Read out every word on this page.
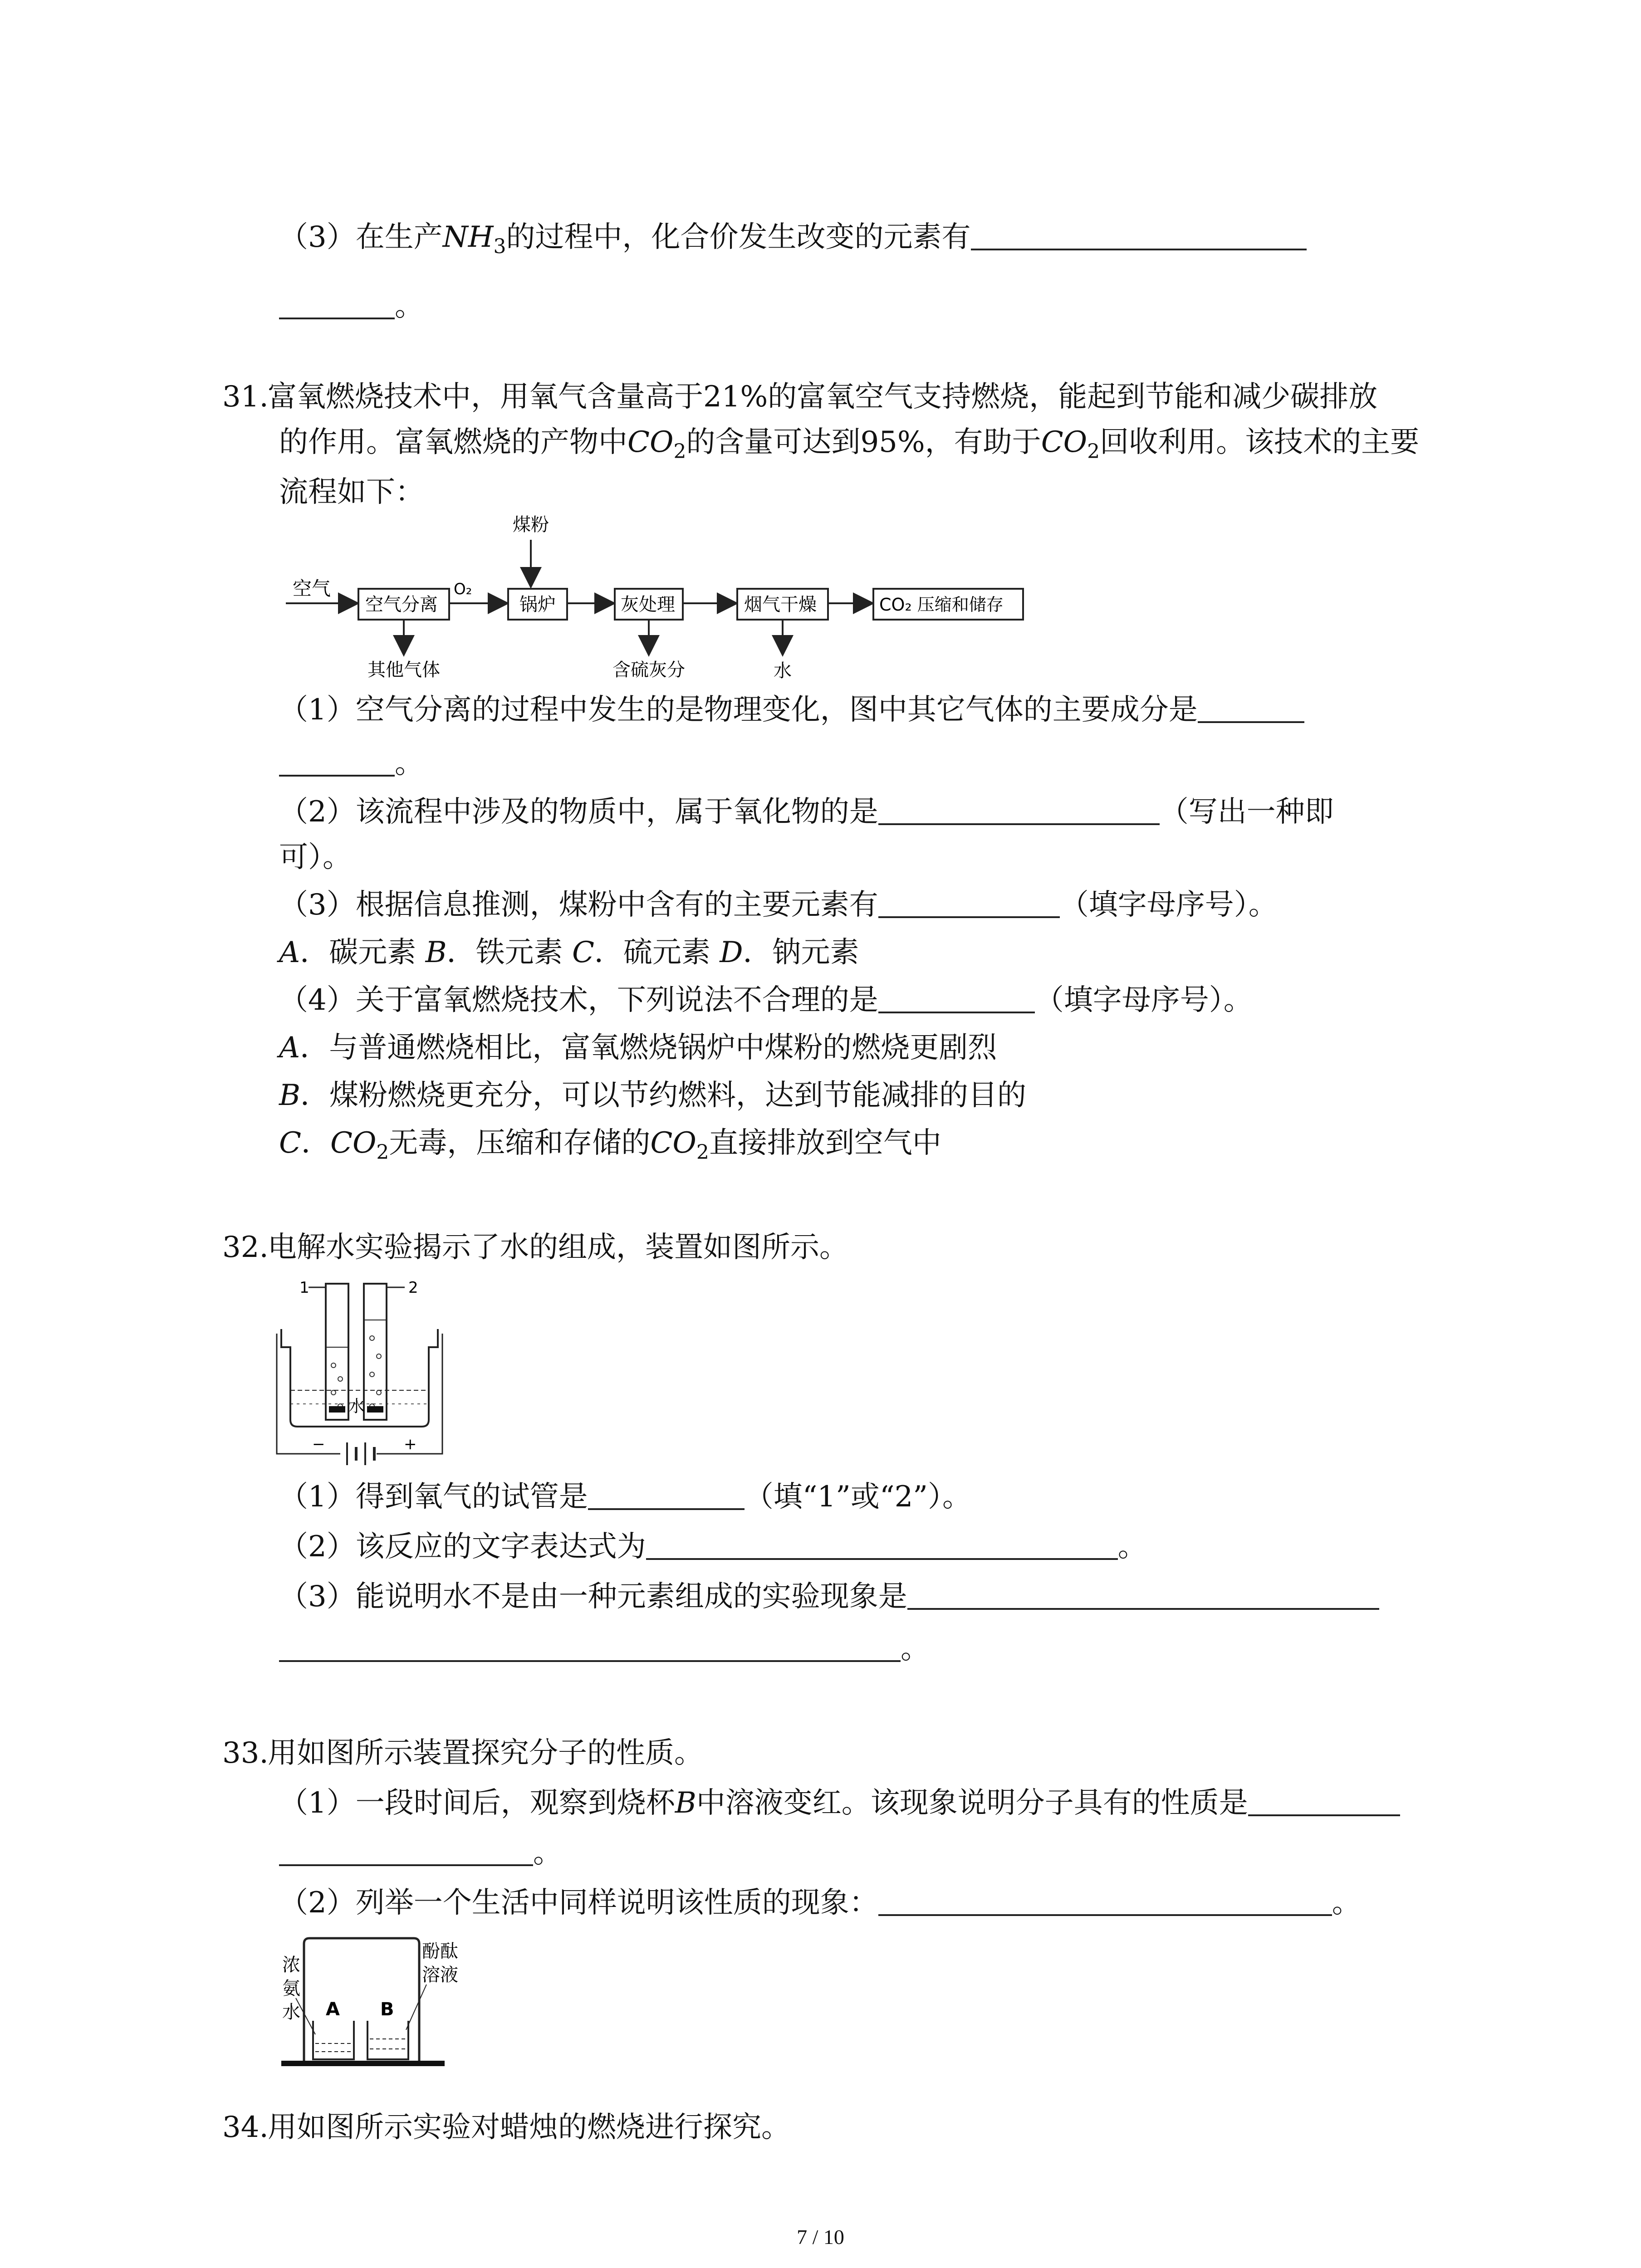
（3）在生产$NH_3$的过程中，化合价发生改变的元素有
。
31.富氧燃烧技术中，用氧气含量高于21%的富氧空气支持燃烧，能起到节能和减少碳排放
的作用。富氧燃烧的产物中$CO_2$的含量可达到95%，有助于$CO_2$回收利用。该技术的主要
流程如下：
空气
空气分离
O₂
其他气体
煤粉
锅炉	灰处理
含硫灰分
烟气干燥
水
CO₂ 压缩和储存
（1）空气分离的过程中发生的是物理变化，图中其它气体的主要成分是
。
（2）该流程中涉及的物质中，属于氧化物的是	（写出一种即
可）。
（3）根据信息推测，煤粉中含有的主要元素有	（填字母序号）。
A．碳元素 B．铁元素 C．硫元素 D．钠元素
（4）关于富氧燃烧技术，下列说法不合理的是	（填字母序号）。
A．与普通燃烧相比，富氧燃烧锅炉中煤粉的燃烧更剧烈
B．煤粉燃烧更充分，可以节约燃料，达到节能减排的目的
C．$CO_2$无毒，压缩和存储的$CO_2$直接排放到空气中
32.电解水实验揭示了水的组成，装置如图所示。
1	2
水
−	+
（1）得到氧气的试管是	（填“1”或“2”）。
（2）该反应的文字表达式为	。
（3）能说明水不是由一种元素组成的实验现象是
。
33.用如图所示装置探究分子的性质。
（1）一段时间后，观察到烧杯B中溶液变红。该现象说明分子具有的性质是
。
（2）列举一个生活中同样说明该性质的现象：	。
浓
氨
水
酚酞
溶液
A B
34.用如图所示实验对蜡烛的燃烧进行探究。
7 / 10
